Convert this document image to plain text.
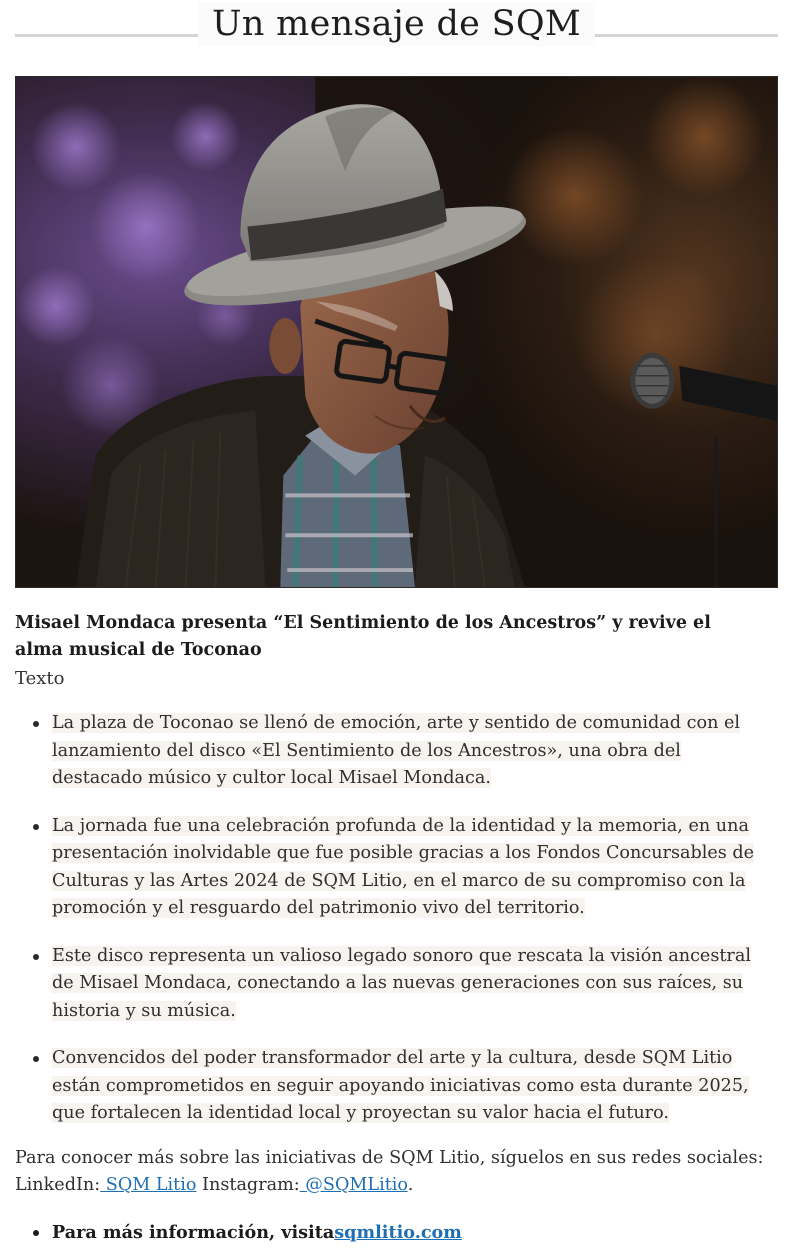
Un mensaje de SQM
Misael Mondaca presenta “El Sentimiento de los Ancestros” y revive el alma musical de Toconao
Texto
La plaza de Toconao se llenó de emoción, arte y sentido de comunidad con el lanzamiento del disco «El Sentimiento de los Ancestros», una obra del destacado músico y cultor local Misael Mondaca.
La jornada fue una celebración profunda de la identidad y la memoria, en una presentación inolvidable que fue posible gracias a los Fondos Concursables de Culturas y las Artes 2024 de SQM Litio, en el marco de su compromiso con la promoción y el resguardo del patrimonio vivo del territorio.
Este disco representa un valioso legado sonoro que rescata la visión ancestral de Misael Mondaca, conectando a las nuevas generaciones con sus raíces, su historia y su música.
Convencidos del poder transformador del arte y la cultura, desde SQM Litio están comprometidos en seguir apoyando iniciativas como esta durante 2025, que fortalecen la identidad local y proyectan su valor hacia el futuro.
Para conocer más sobre las iniciativas de SQM Litio, síguelos en sus redes sociales:
LinkedIn: SQM Litio Instagram: @SQMLitio.
Para más información, visitasqmlitio.com
